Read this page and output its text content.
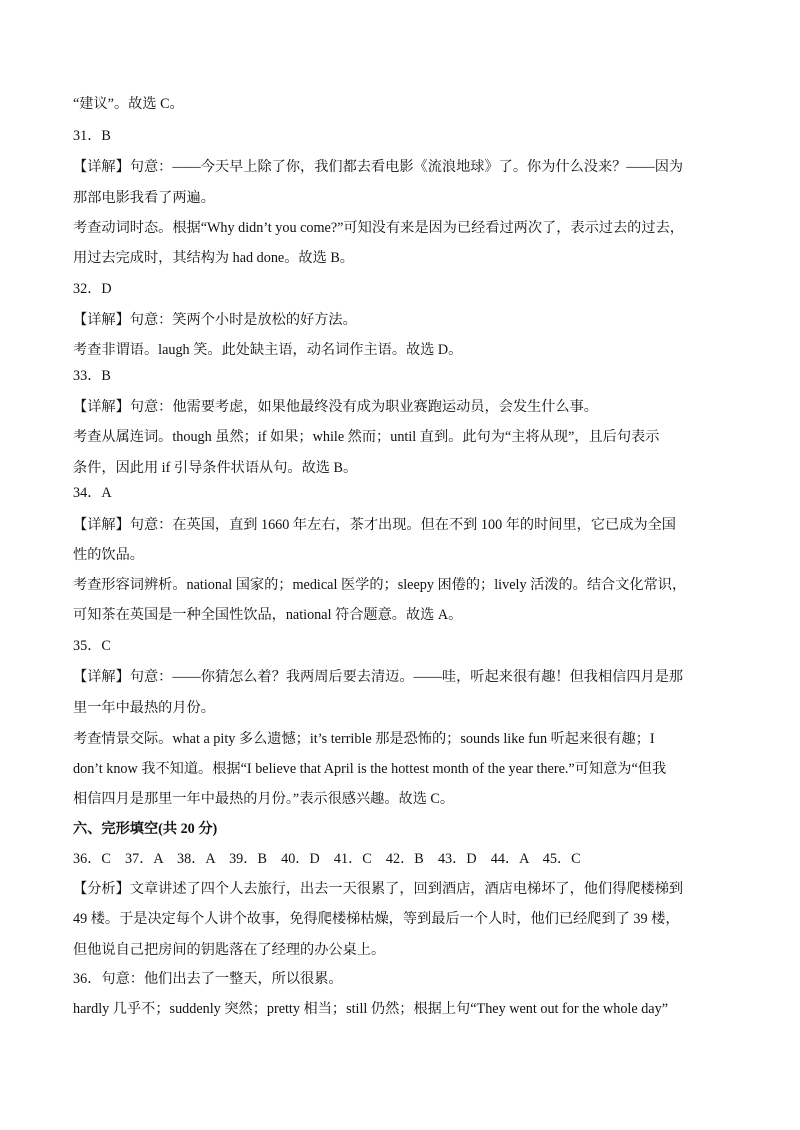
“建议”。故选 C。
31．B
【详解】句意：——今天早上除了你，我们都去看电影《流浪地球》了。你为什么没来？——因为
那部电影我看了两遍。
考查动词时态。根据“Why didn’t you come?”可知没有来是因为已经看过两次了，表示过去的过去，
用过去完成时，其结构为 had done。故选 B。
32．D
【详解】句意：笑两个小时是放松的好方法。
考查非谓语。laugh 笑。此处缺主语，动名词作主语。故选 D。
33．B
【详解】句意：他需要考虑，如果他最终没有成为职业赛跑运动员，会发生什么事。
考查从属连词。though 虽然；if 如果；while 然而；until 直到。此句为“主将从现”，且后句表示
条件，因此用 if 引导条件状语从句。故选 B。
34．A
【详解】句意：在英国，直到 1660 年左右，茶才出现。但在不到 100 年的时间里，它已成为全国
性的饮品。
考查形容词辨析。national 国家的；medical 医学的；sleepy 困倦的；lively 活泼的。结合文化常识，
可知茶在英国是一种全国性饮品，national 符合题意。故选 A。
35．C
【详解】句意：——你猜怎么着？我两周后要去清迈。——哇，听起来很有趣！但我相信四月是那
里一年中最热的月份。
考查情景交际。what a pity 多么遗憾；it’s terrible 那是恐怖的；sounds like fun 听起来很有趣；I
don’t know 我不知道。根据“I believe that April is the hottest month of the year there.”可知意为“但我
相信四月是那里一年中最热的月份。”表示很感兴趣。故选 C。
六、完形填空(共 20 分)
36．C　37．A　38．A　39．B　40．D　41．C　42．B　43．D　44．A　45．C
【分析】文章讲述了四个人去旅行，出去一天很累了，回到酒店，酒店电梯坏了，他们得爬楼梯到
49 楼。于是决定每个人讲个故事，免得爬楼梯枯燥，等到最后一个人时，他们已经爬到了 39 楼，
但他说自己把房间的钥匙落在了经理的办公桌上。
36．句意：他们出去了一整天，所以很累。
hardly 几乎不；suddenly 突然；pretty 相当；still 仍然；根据上句“They went out for the whole day”
